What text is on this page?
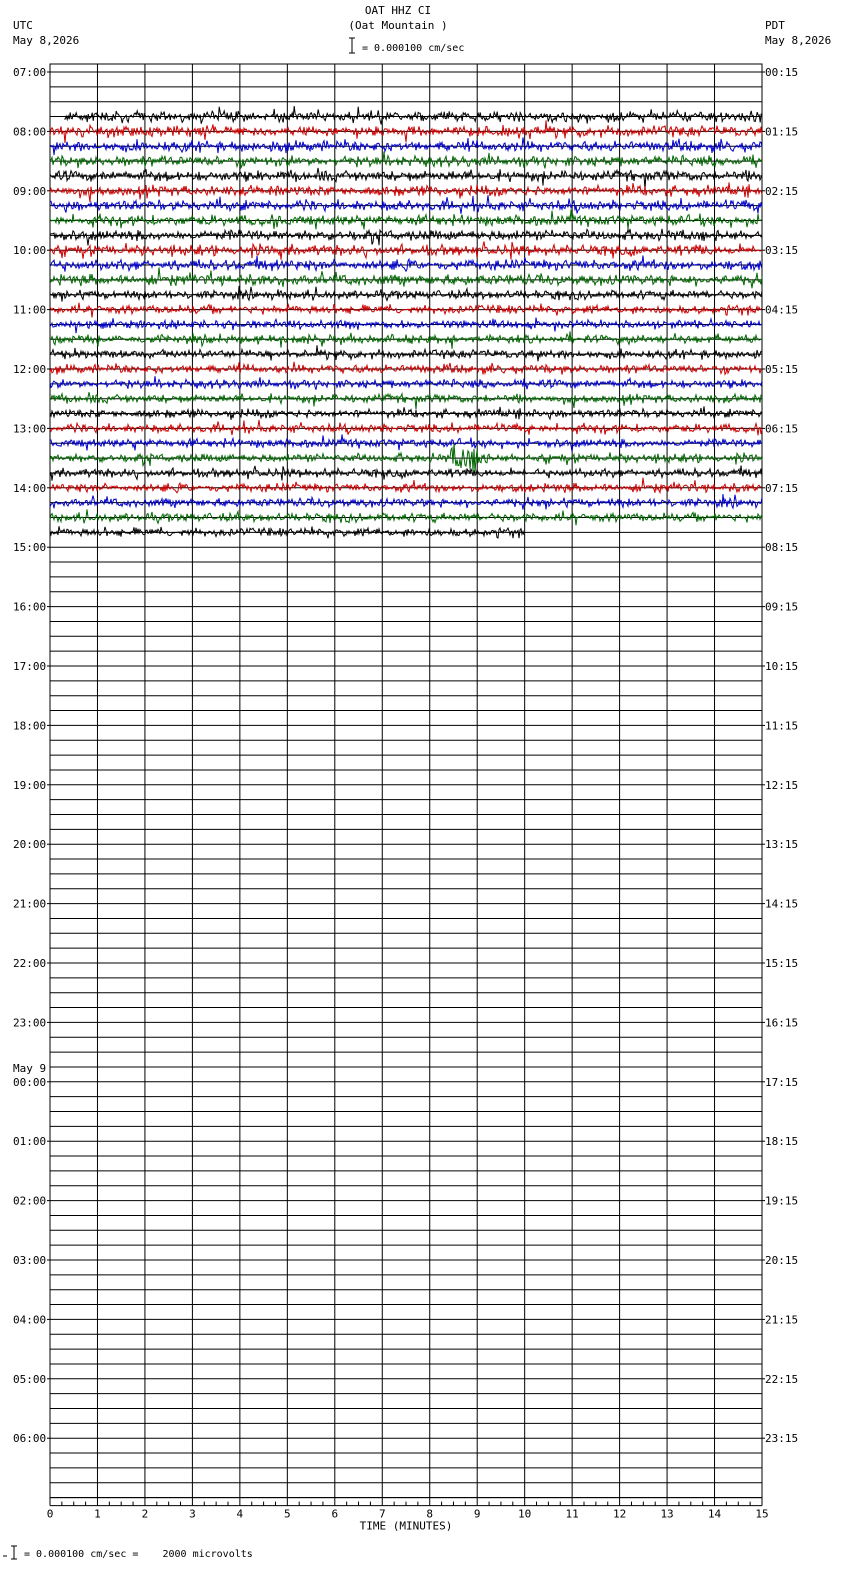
OAT HHZ CI
(Oat Mountain )
= 0.000100 cm/sec
UTC
May 8,2026
PDT
May 8,2026
= 0.000100 cm/sec =    2000 microvolts
07:00
08:00
09:00
10:00
11:00
12:00
13:00
14:00
15:00
16:00
17:00
18:00
19:00
20:00
21:00
22:00
23:00
00:00
May 9
01:00
02:00
03:00
04:00
05:00
06:00
00:15
01:15
02:15
03:15
04:15
05:15
06:15
07:15
08:15
09:15
10:15
11:15
12:15
13:15
14:15
15:15
16:15
17:15
18:15
19:15
20:15
21:15
22:15
23:15
0	1	2	3	4	5	6	7	8	9	10	11	12	13	14	15
TIME (MINUTES)
